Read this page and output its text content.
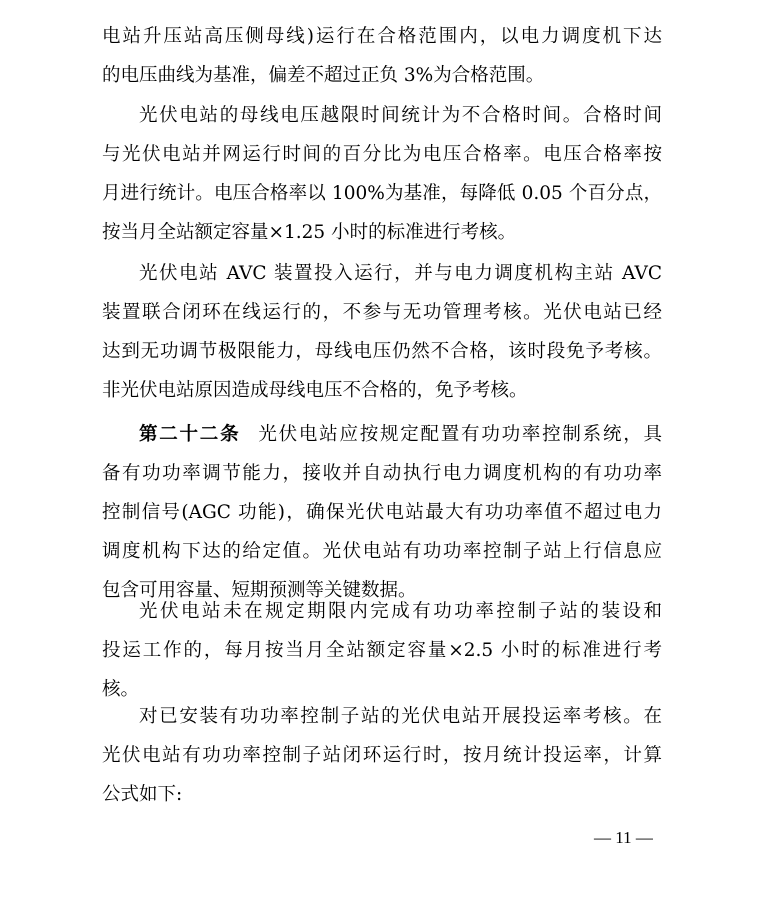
电站升压站高压侧母线)运行在合格范围内，以电力调度机下达
的电压曲线为基准，偏差不超过正负 3%为合格范围。
光伏电站的母线电压越限时间统计为不合格时间。合格时间
与光伏电站并网运行时间的百分比为电压合格率。电压合格率按
月进行统计。电压合格率以 100%为基准，每降低 0.05 个百分点，
按当月全站额定容量×1.25 小时的标准进行考核。
光伏电站 AVC 装置投入运行，并与电力调度机构主站 AVC
装置联合闭环在线运行的，不参与无功管理考核。光伏电站已经
达到无功调节极限能力，母线电压仍然不合格，该时段免予考核。
非光伏电站原因造成母线电压不合格的，免予考核。
第二十二条 光伏电站应按规定配置有功功率控制系统，具
备有功功率调节能力，接收并自动执行电力调度机构的有功功率
控制信号(AGC 功能)，确保光伏电站最大有功功率值不超过电力
调度机构下达的给定值。光伏电站有功功率控制子站上行信息应
包含可用容量、短期预测等关键数据。
光伏电站未在规定期限内完成有功功率控制子站的装设和
投运工作的，每月按当月全站额定容量×2.5 小时的标准进行考
核。
对已安装有功功率控制子站的光伏电站开展投运率考核。在
光伏电站有功功率控制子站闭环运行时，按月统计投运率，计算
公式如下:
— 11 —
